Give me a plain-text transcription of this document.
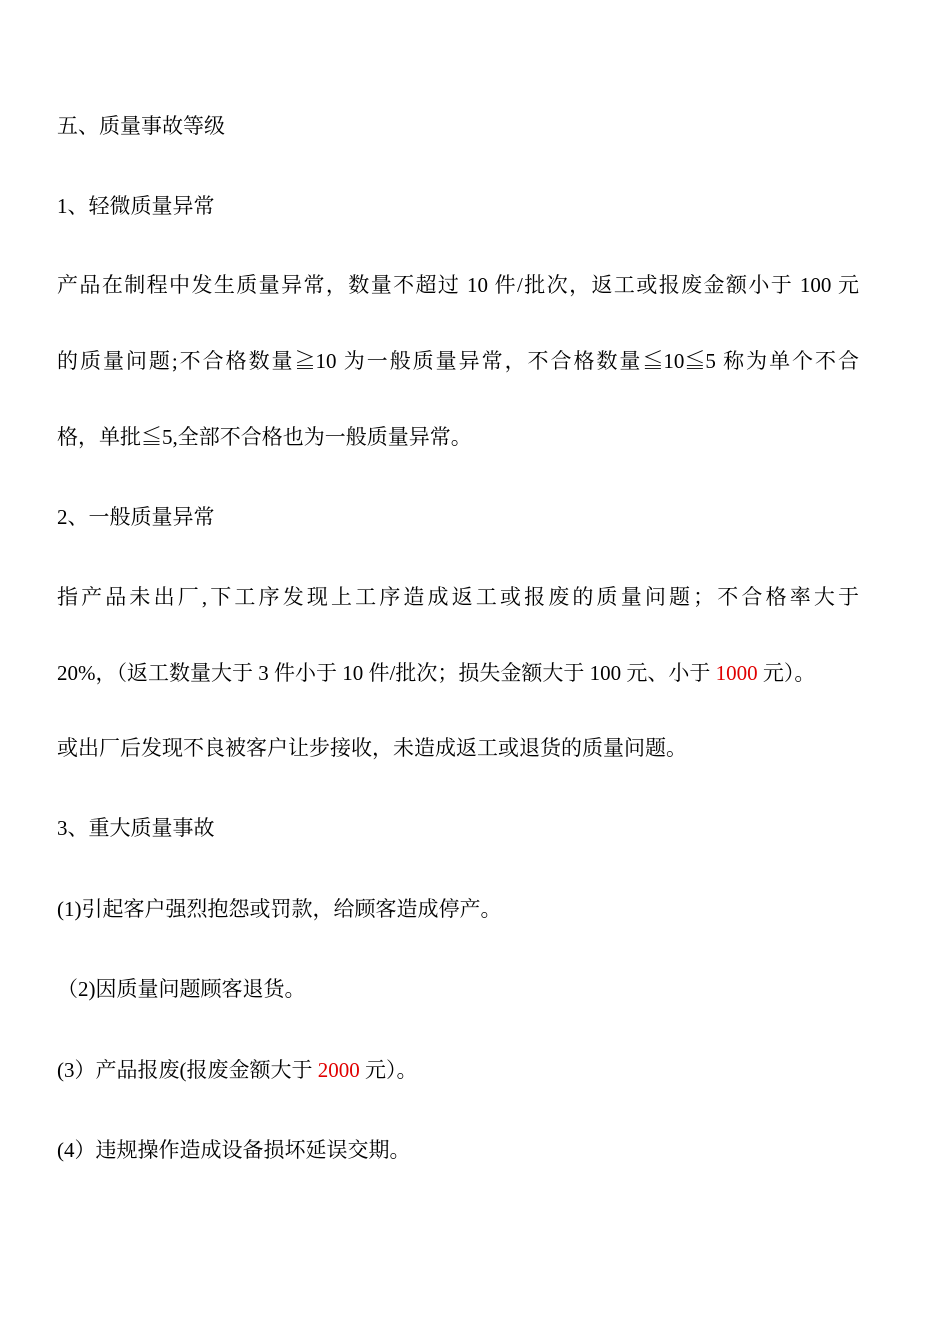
五、质量事故等级

1、轻微质量异常

产品在制程中发生质量异常，数量不超过 10 件/批次，返工或报废金额小于 100 元

的质量问题;不合格数量≧10 为一般质量异常，不合格数量≦10≦5 称为单个不合

格，单批≦5,全部不合格也为一般质量异常。

2、一般质量异常

指产品未出厂,下工序发现上工序造成返工或报废的质量问题；不合格率大于

20%，（返工数量大于 3 件小于 10 件/批次；损失金额大于 100 元、小于 1000 元）。

或出厂后发现不良被客户让步接收，未造成返工或退货的质量问题。

3、重大质量事故

(1)引起客户强烈抱怨或罚款，给顾客造成停产。

（2)因质量问题顾客退货。

(3）产品报废(报废金额大于 2000 元）。

(4）违规操作造成设备损坏延误交期。
